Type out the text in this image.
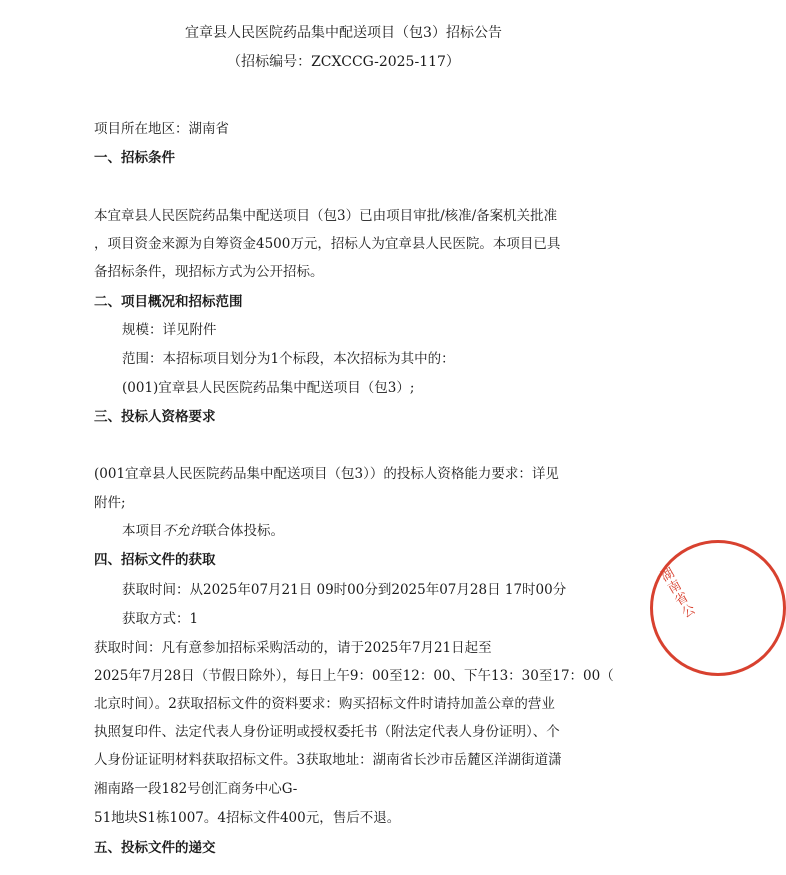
宜章县人民医院药品集中配送项目（包3）招标公告
（招标编号：ZCXCCG-2025-117）
项目所在地区：湖南省
一、招标条件
本宜章县人民医院药品集中配送项目（包3）已由项目审批/核准/备案机关批准
，项目资金来源为自筹资金4500万元，招标人为宜章县人民医院。本项目已具
备招标条件，现招标方式为公开招标。
二、项目概况和招标范围
规模：详见附件
范围：本招标项目划分为1个标段，本次招标为其中的：
(001)宜章县人民医院药品集中配送项目（包3）;
三、投标人资格要求
(001宜章县人民医院药品集中配送项目（包3））的投标人资格能力要求：详见
附件;
本项目不允许联合体投标。
四、招标文件的获取
获取时间：从2025年07月21日 09时00分到2025年07月28日 17时00分
获取方式：1
获取时间：凡有意参加招标采购活动的，请于2025年7月21日起至
2025年7月28日（节假日除外），每日上午9：00至12：00、下午13：30至17：00（
北京时间）。2获取招标文件的资料要求：购买招标文件时请持加盖公章的营业
执照复印件、法定代表人身份证明或授权委托书（附法定代表人身份证明）、个
人身份证证明材料获取招标文件。3获取地址：湖南省长沙市岳麓区洋湖街道潇
湘南路一段182号创汇商务中心G-
51地块S1栋1007。4招标文件400元，售后不退。
五、投标文件的递交
湖南省公
